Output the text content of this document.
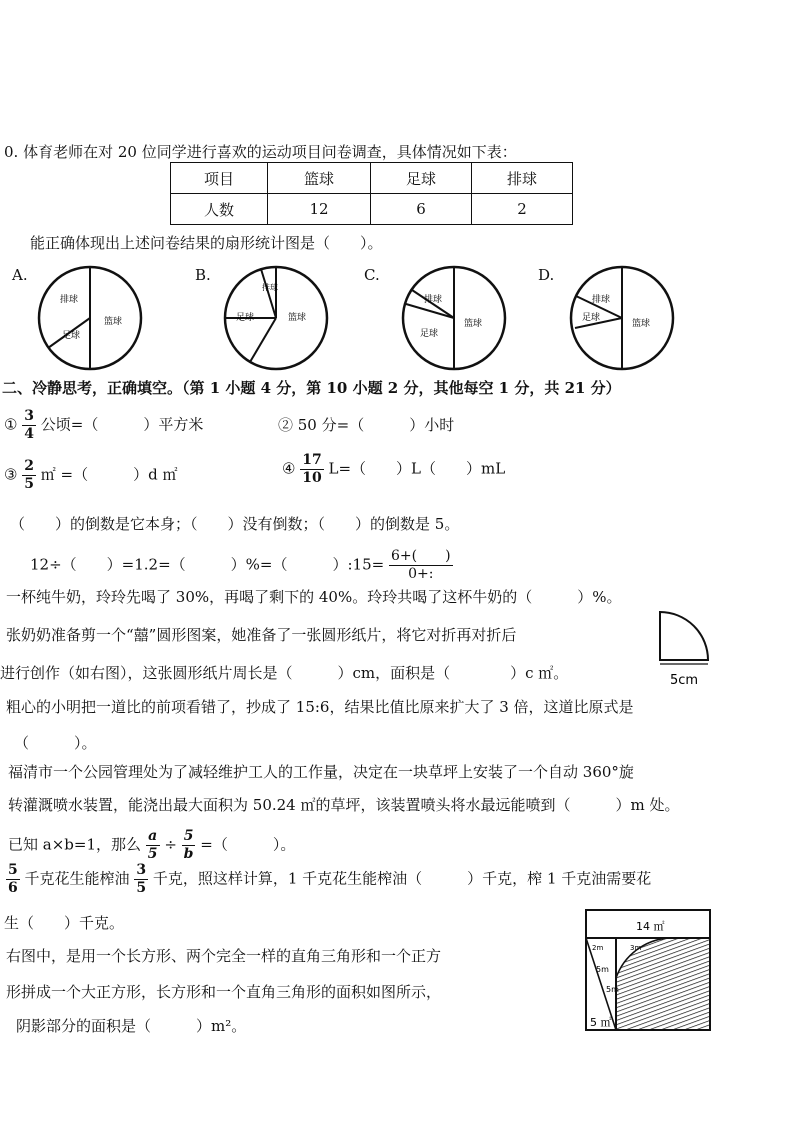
0. 体育老师在对 20 位同学进行喜欢的运动项目问卷调查，具体情况如下表：
项目	篮球	足球	排球
人数	12	6	2
能正确体现出上述问卷结果的扇形统计图是（　　）。
A.
排球
足球
篮球
B.
排球
足球	篮球
C.
排球
足球
篮球
D.
排球
足球
篮球
二、冷静思考，正确填空。（第 1 小题 4 分，第 10 小题 2 分，其他每空 1 分，共 21 分）
① $\frac{3}{4}$ 公顷=（　　　）平方米	② 50 分=（　　　）小时
③ $\frac{2}{5}$ ㎡ =（　　　）d ㎡	④ $\frac{17}{10} L=$（　　）L（　　）mL
（　　）的倒数是它本身；（　　）没有倒数；（　　）的倒数是 5。
12÷（　　）=1.2=（　　　）%=（　　　）:15= $\frac{6+( )}{0+:}$
一杯纯牛奶，玲玲先喝了 30%，再喝了剩下的 40%。玲玲共喝了这杯牛奶的（　　　）%。
张奶奶准备剪一个“囍”圆形图案，她准备了一张圆形纸片，将它对折再对折后
进行创作（如右图），这张圆形纸片周长是（　　　）cm，面积是（　　　　）c ㎡。	5cm
粗心的小明把一道比的前项看错了，抄成了 15:6，结果比值比原来扩大了 3 倍，这道比原式是
（　　　）。
福清市一个公园管理处为了减轻维护工人的工作量，决定在一块草坪上安装了一个自动 360°旋
转灌溉喷水装置，能浇出最大面积为 50.24 ㎡的草坪，该装置喷头将水最远能喷到（　　　）m 处。
已知 a×b=1，那么 $\frac{a}{5} \div \frac{5}{b}$ =（　　　）。
$\frac{5}{6}$ 千克花生能榨油 $\frac{3}{5}$ 千克，照这样计算，1 千克花生能榨油（　　　）千克，榨 1 千克油需要花
生（　　）千克。
右图中，是用一个长方形、两个完全一样的直角三角形和一个正方
形拼成一个大正方形，长方形和一个直角三角形的面积如图所示，
阴影部分的面积是（　　　）m²。
14 ㎡
2m	3m
5m
5m
5 ㎡
